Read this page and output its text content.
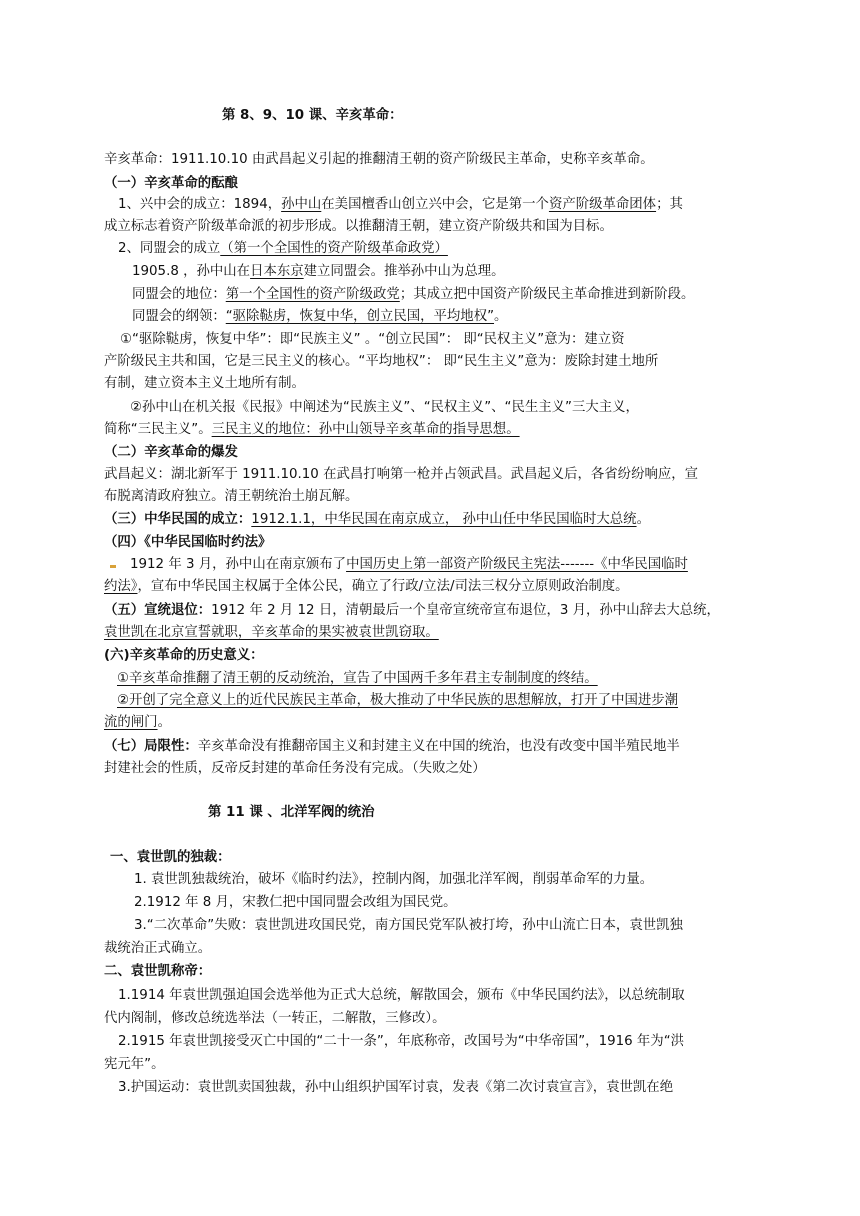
第 8、9、10 课、辛亥革命：
辛亥革命：1911.10.10 由武昌起义引起的推翻清王朝的资产阶级民主革命，史称辛亥革命。
（一）辛亥革命的酝酿
1、兴中会的成立：1894，孙中山在美国檀香山创立兴中会，它是第一个资产阶级革命团体；其
成立标志着资产阶级革命派的初步形成。以推翻清王朝，建立资产阶级共和国为目标。
2、同盟会的成立（第一个全国性的资产阶级革命政党）
1905.8 ，孙中山在日本东京建立同盟会。推举孙中山为总理。
同盟会的地位：第一个全国性的资产阶级政党；其成立把中国资产阶级民主革命推进到新阶段。
同盟会的纲领：“驱除鞑虏，恢复中华，创立民国，平均地权”。
①“驱除鞑虏，恢复中华”：即“民族主义” 。“创立民国”： 即“民权主义”意为：建立资
产阶级民主共和国，它是三民主义的核心。“平均地权”： 即“民生主义”意为：废除封建土地所
有制，建立资本主义土地所有制。
②孙中山在机关报《民报》中阐述为“民族主义”、“民权主义”、“民生主义”三大主义，
简称“三民主义”。三民主义的地位：孙中山领导辛亥革命的指导思想。
（二）辛亥革命的爆发
武昌起义：湖北新军于 1911.10.10 在武昌打响第一枪并占领武昌。武昌起义后，各省纷纷响应，宣
布脱离清政府独立。清王朝统治土崩瓦解。
（三）中华民国的成立：1912.1.1，中华民国在南京成立， 孙中山任中华民国临时大总统。
（四）《中华民国临时约法》
1912 年 3 月，孙中山在南京颁布了中国历史上第一部资产阶级民主宪法-------《中华民国临时
约法》，宣布中华民国主权属于全体公民，确立了行政/立法/司法三权分立原则政治制度。
（五）宣统退位：1912 年 2 月 12 日，清朝最后一个皇帝宣统帝宣布退位，3 月，孙中山辞去大总统，
袁世凯在北京宣誓就职，辛亥革命的果实被袁世凯窃取。
(六)辛亥革命的历史意义：
①辛亥革命推翻了清王朝的反动统治，宣告了中国两千多年君主专制制度的终结。
②开创了完全意义上的近代民族民主革命，极大推动了中华民族的思想解放，打开了中国进步潮
流的闸门。
（七）局限性：辛亥革命没有推翻帝国主义和封建主义在中国的统治，也没有改变中国半殖民地半
封建社会的性质，反帝反封建的革命任务没有完成。（失败之处）
第 11 课 、北洋军阀的统治
一、袁世凯的独裁：
1. 袁世凯独裁统治，破坏《临时约法》，控制内阁，加强北洋军阀，削弱革命军的力量。
2.1912 年 8 月，宋教仁把中国同盟会改组为国民党。
3.“二次革命”失败：袁世凯进攻国民党，南方国民党军队被打垮，孙中山流亡日本，袁世凯独
裁统治正式确立。
二、袁世凯称帝：
1.1914 年袁世凯强迫国会选举他为正式大总统，解散国会，颁布《中华民国约法》，以总统制取
代内阁制，修改总统选举法（一转正，二解散，三修改）。
2.1915 年袁世凯接受灭亡中国的“二十一条”，年底称帝，改国号为“中华帝国”，1916 年为“洪
宪元年”。
3.护国运动：袁世凯卖国独裁，孙中山组织护国军讨袁，发表《第二次讨袁宣言》，袁世凯在绝
